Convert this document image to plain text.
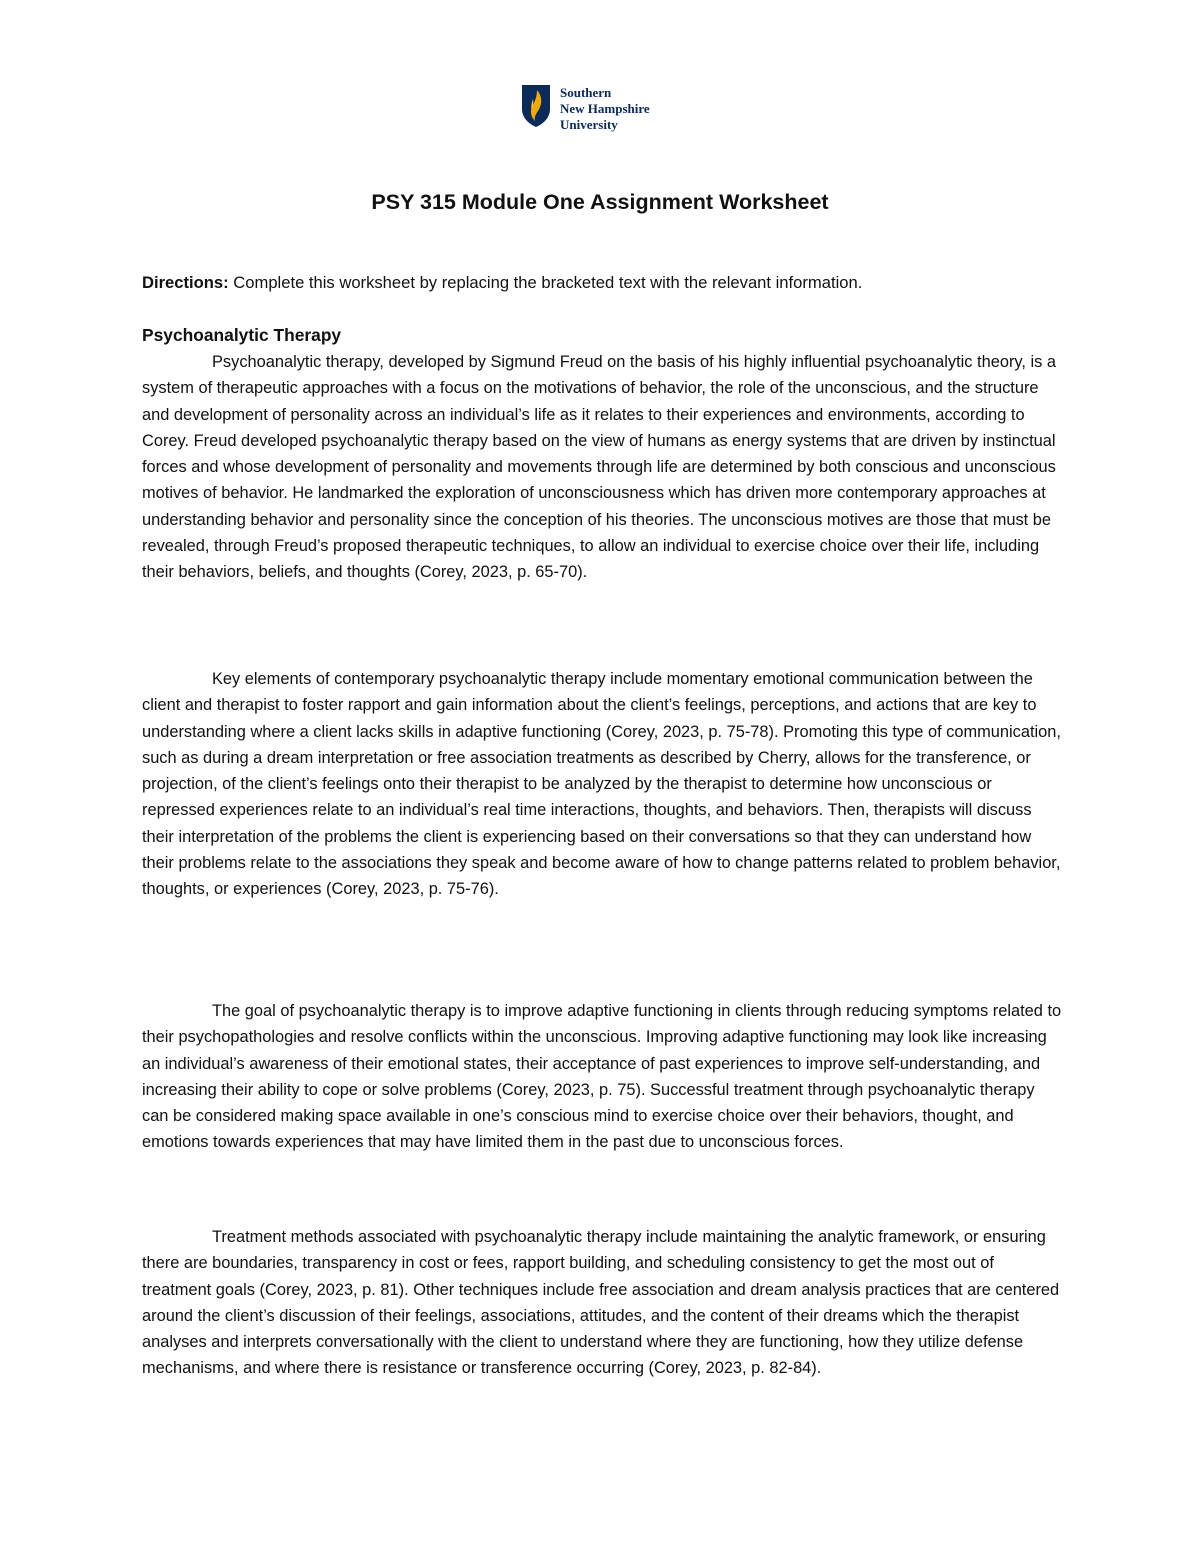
Southern
New Hampshire
University
PSY 315 Module One Assignment Worksheet

Directions: Complete this worksheet by replacing the bracketed text with the relevant information.

Psychoanalytic Therapy

Psychoanalytic therapy, developed by Sigmund Freud on the basis of his highly influential psychoanalytic theory, is a system of therapeutic approaches with a focus on the motivations of behavior, the role of the unconscious, and the structure and development of personality across an individual’s life as it relates to their experiences and environments, according to Corey. Freud developed psychoanalytic therapy based on the view of humans as energy systems that are driven by instinctual forces and whose development of personality and movements through life are determined by both conscious and unconscious motives of behavior. He landmarked the exploration of unconsciousness which has driven more contemporary approaches at understanding behavior and personality since the conception of his theories. The unconscious motives are those that must be revealed, through Freud’s proposed therapeutic techniques, to allow an individual to exercise choice over their life, including their behaviors, beliefs, and thoughts (Corey, 2023, p. 65-70).

Key elements of contemporary psychoanalytic therapy include momentary emotional communication between the client and therapist to foster rapport and gain information about the client’s feelings, perceptions, and actions that are key to understanding where a client lacks skills in adaptive functioning (Corey, 2023, p. 75-78). Promoting this type of communication, such as during a dream interpretation or free association treatments as described by Cherry, allows for the transference, or projection, of the client’s feelings onto their therapist to be analyzed by the therapist to determine how unconscious or repressed experiences relate to an individual’s real time interactions, thoughts, and behaviors. Then, therapists will discuss their interpretation of the problems the client is experiencing based on their conversations so that they can understand how their problems relate to the associations they speak and become aware of how to change patterns related to problem behavior, thoughts, or experiences (Corey, 2023, p. 75-76).

The goal of psychoanalytic therapy is to improve adaptive functioning in clients through reducing symptoms related to their psychopathologies and resolve conflicts within the unconscious. Improving adaptive functioning may look like increasing an individual’s awareness of their emotional states, their acceptance of past experiences to improve self-understanding, and increasing their ability to cope or solve problems (Corey, 2023, p. 75). Successful treatment through psychoanalytic therapy can be considered making space available in one’s conscious mind to exercise choice over their behaviors, thought, and emotions towards experiences that may have limited them in the past due to unconscious forces.

Treatment methods associated with psychoanalytic therapy include maintaining the analytic framework, or ensuring there are boundaries, transparency in cost or fees, rapport building, and scheduling consistency to get the most out of treatment goals (Corey, 2023, p. 81). Other techniques include free association and dream analysis practices that are centered around the client’s discussion of their feelings, associations, attitudes, and the content of their dreams which the therapist analyses and interprets conversationally with the client to understand where they are functioning, how they utilize defense mechanisms, and where there is resistance or transference occurring (Corey, 2023, p. 82-84).
